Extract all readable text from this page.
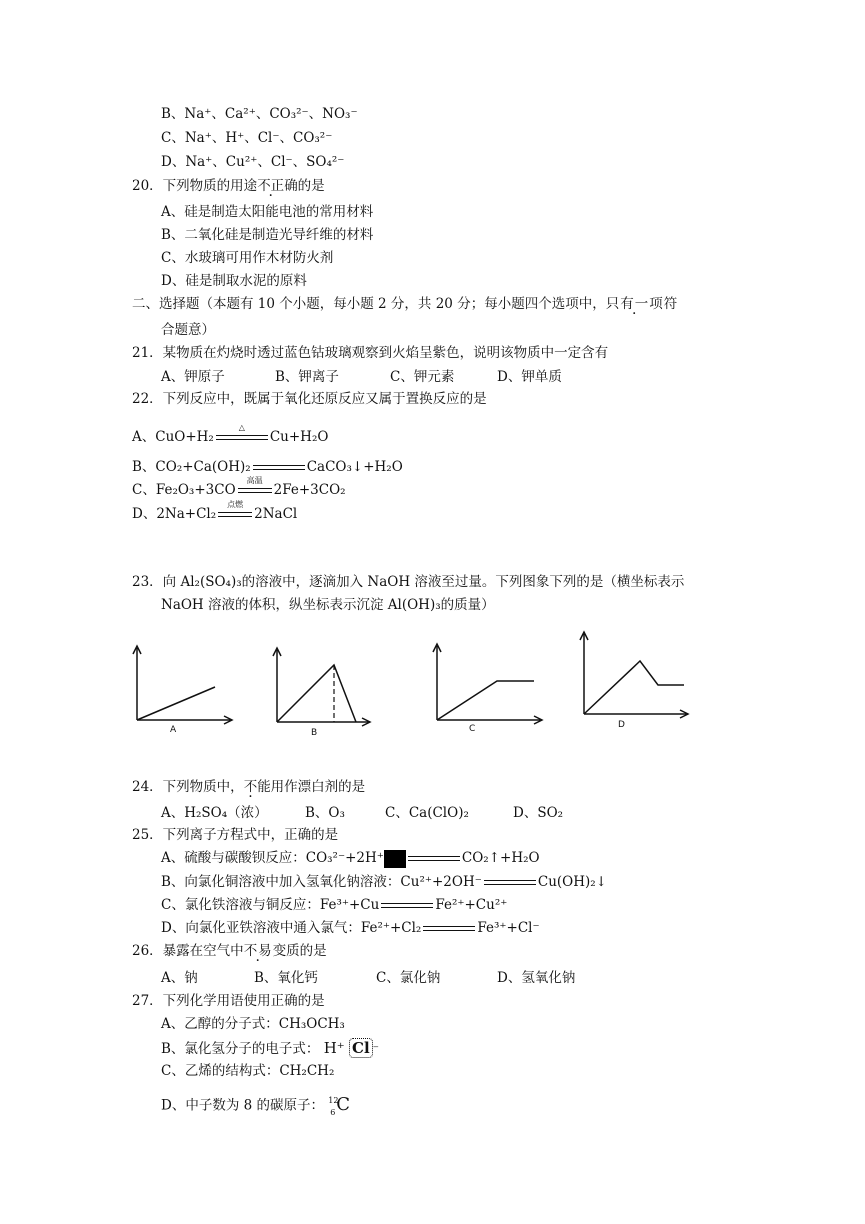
B、Na⁺、Ca²⁺、CO₃²⁻、NO₃⁻
C、Na⁺、H⁺、Cl⁻、CO₃²⁻
D、Na⁺、Cu²⁺、Cl⁻、SO₄²⁻
20．下列物质的用途不正确的是
A、硅是制造太阳能电池的常用材料
B、二氧化硅是制造光导纤维的材料
C、水玻璃可用作木材防火剂
D、硅是制取水泥的原料
二、选择题（本题有 10 个小题，每小题 2 分，共 20 分；每小题四个选项中，只有一项符
合题意）
21．某物质在灼烧时透过蓝色钴玻璃观察到火焰呈紫色，说明该物质中一定含有
A、钾原子	B、钾离子	C、钾元素	D、钾单质
22．下列反应中，既属于氧化还原反应又属于置换反应的是
A、CuO+H₂
△
Cu+H₂O
B、CO₂+Ca(OH)₂	CaCO₃↓+H₂O
C、Fe₂O₃+3CO
高温
2Fe+3CO₂
D、2Na+Cl₂
点燃
2NaCl
23．向 Al₂(SO₄)₃的溶液中，逐滴加入 NaOH 溶液至过量。下列图象下列的是（横坐标表示
NaOH 溶液的体积，纵坐标表示沉淀 Al(OH)₃的质量）
A	B	C	D
24．下列物质中，不能用作漂白剂的是
A、H₂SO₄（浓）	B、O₃	C、Ca(ClO)₂	D、SO₂
25．下列离子方程式中，正确的是
A、硫酸与碳酸钡反应：CO₃²⁻+2H⁺	CO₂↑+H₂O
B、向氯化铜溶液中加入氢氧化钠溶液：Cu²⁺+2OH⁻	Cu(OH)₂↓
C、氯化铁溶液与铜反应：Fe³⁺+Cu	Fe²⁺+Cu²⁺
D、向氯化亚铁溶液中通入氯气：Fe²⁺+Cl₂	Fe³⁺+Cl⁻
26．暴露在空气中不易变质的是
A、钠	B、氧化钙	C、氯化钠	D、氢氧化钠
27．下列化学用语使用正确的是
A、乙醇的分子式：CH₃OCH₃
B、氯化氢分子的电子式： H⁺ Cl ⁻
C、乙烯的结构式：CH₂CH₂
D、中子数为 8 的碳原子： 12
6 C
